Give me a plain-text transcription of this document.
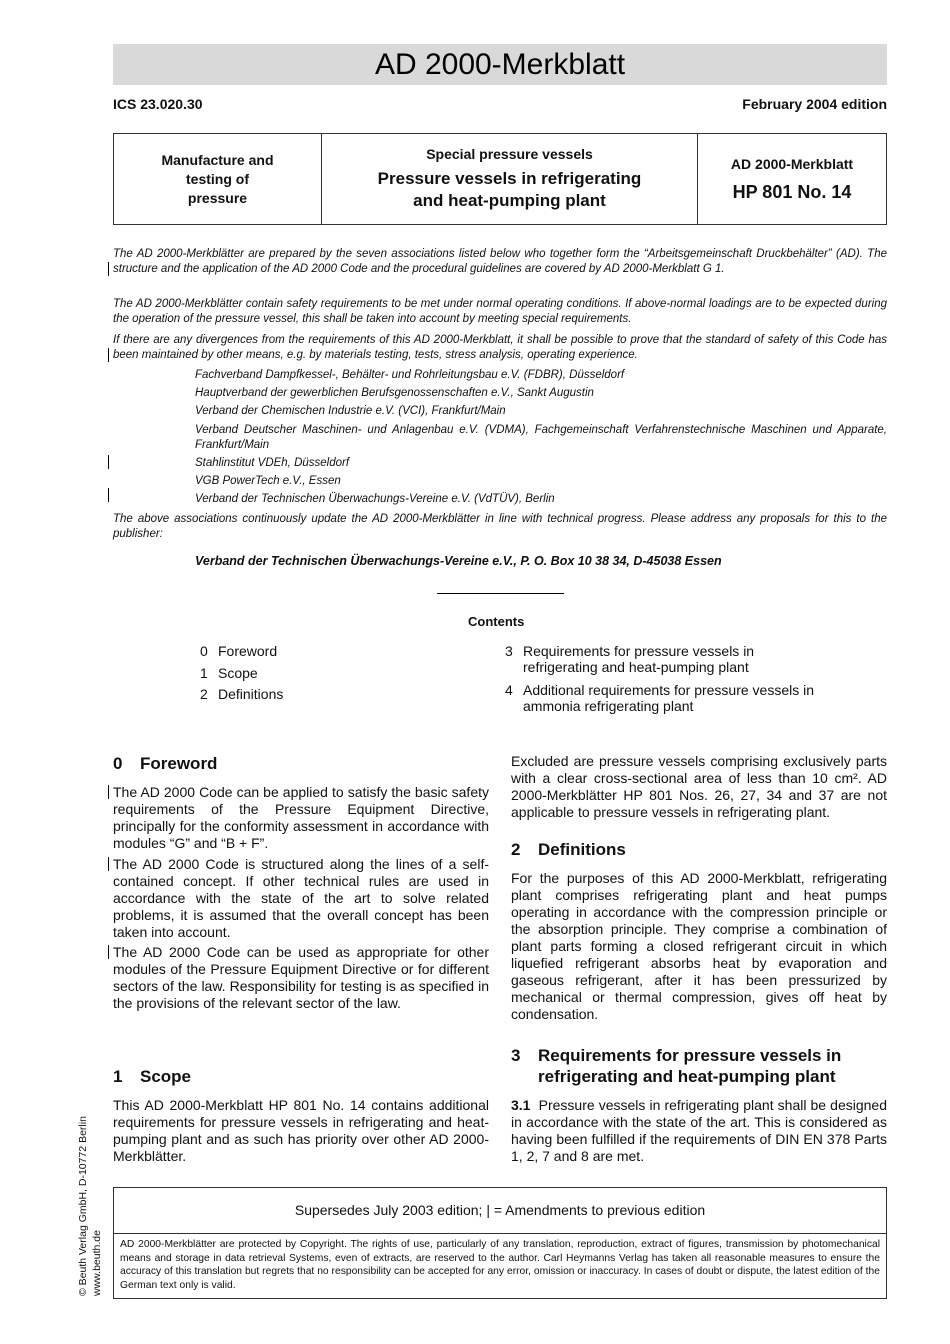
AD 2000-Merkblatt
ICS 23.020.30	February 2004 edition
Manufacture and
testing of
pressure
Special pressure vessels
Pressure vessels in refrigerating
and heat-pumping plant
AD 2000-Merkblatt
HP 801 No. 14
The AD 2000-Merkblätter are prepared by the seven associations listed below who together form the “Arbeitsgemeinschaft Druckbehälter” (AD). The structure and the application of the AD 2000 Code and the procedural guidelines are covered by AD 2000-Merkblatt G 1.
The AD 2000-Merkblätter contain safety requirements to be met under normal operating conditions. If above-normal loadings are to be expected during the operation of the pressure vessel, this shall be taken into account by meeting special requirements.
If there are any divergences from the requirements of this AD 2000-Merkblatt, it shall be possible to prove that the standard of safety of this Code has been maintained by other means, e.g. by materials testing, tests, stress analysis, operating experience.
Fachverband Dampfkessel-, Behälter- und Rohrleitungsbau e.V. (FDBR), Düsseldorf
Hauptverband der gewerblichen Berufsgenossenschaften e.V., Sankt Augustin
Verband der Chemischen Industrie e.V. (VCI), Frankfurt/Main
Verband Deutscher Maschinen- und Anlagenbau e.V. (VDMA), Fachgemeinschaft Verfahrenstechnische Maschinen und Apparate, Frankfurt/Main
Stahlinstitut VDEh, Düsseldorf
VGB PowerTech e.V., Essen
Verband der Technischen Überwachungs-Vereine e.V. (VdTÜV), Berlin
The above associations continuously update the AD 2000-Merkblätter in line with technical progress. Please address any proposals for this to the publisher:
Verband der Technischen Überwachungs-Vereine e.V., P. O. Box 10 38 34, D-45038 Essen
Contents
0 Foreword
1 Scope
2 Definitions
3 Requirements for pressure vessels in refrigerating and heat-pumping plant
4 Additional requirements for pressure vessels in ammonia refrigerating plant
0 Foreword
The AD 2000 Code can be applied to satisfy the basic safety requirements of the Pressure Equipment Directive, principally for the conformity assessment in accordance with modules “G” and “B + F”.
The AD 2000 Code is structured along the lines of a self-contained concept. If other technical rules are used in accordance with the state of the art to solve related problems, it is assumed that the overall concept has been taken into account.
The AD 2000 Code can be used as appropriate for other modules of the Pressure Equipment Directive or for different sectors of the law. Responsibility for testing is as specified in the provisions of the relevant sector of the law.
1 Scope
This AD 2000-Merkblatt HP 801 No. 14 contains additional requirements for pressure vessels in refrigerating and heat-pumping plant and as such has priority over other AD 2000-Merkblätter.
Excluded are pressure vessels comprising exclusively parts with a clear cross-sectional area of less than 10 cm². AD 2000-Merkblätter HP 801 Nos. 26, 27, 34 and 37 are not applicable to pressure vessels in refrigerating plant.
2 Definitions
For the purposes of this AD 2000-Merkblatt, refrigerating plant comprises refrigerating plant and heat pumps operating in accordance with the compression principle or the absorption principle. They comprise a combination of plant parts forming a closed refrigerant circuit in which liquefied refrigerant absorbs heat by evaporation and gaseous refrigerant, after it has been pressurized by mechanical or thermal compression, gives off heat by condensation.
3 Requirements for pressure vessels in
refrigerating and heat-pumping plant
3.1 Pressure vessels in refrigerating plant shall be designed in accordance with the state of the art. This is considered as having been fulfilled if the requirements of DIN EN 378 Parts 1, 2, 7 and 8 are met.
© Beuth Verlag GmbH, D-10772 Berlin www.beuth.de
Supersedes July 2003 edition; | = Amendments to previous edition
AD 2000-Merkblätter are protected by Copyright. The rights of use, particularly of any translation, reproduction, extract of figures, transmission by photomechanical means and storage in data retrieval Systems, even of extracts, are reserved to the author. Carl Heymanns Verlag has taken all reasonable measures to ensure the accuracy of this translation but regrets that no responsibility can be accepted for any error, omission or inaccuracy. In cases of doubt or dispute, the latest edition of the German text only is valid.
